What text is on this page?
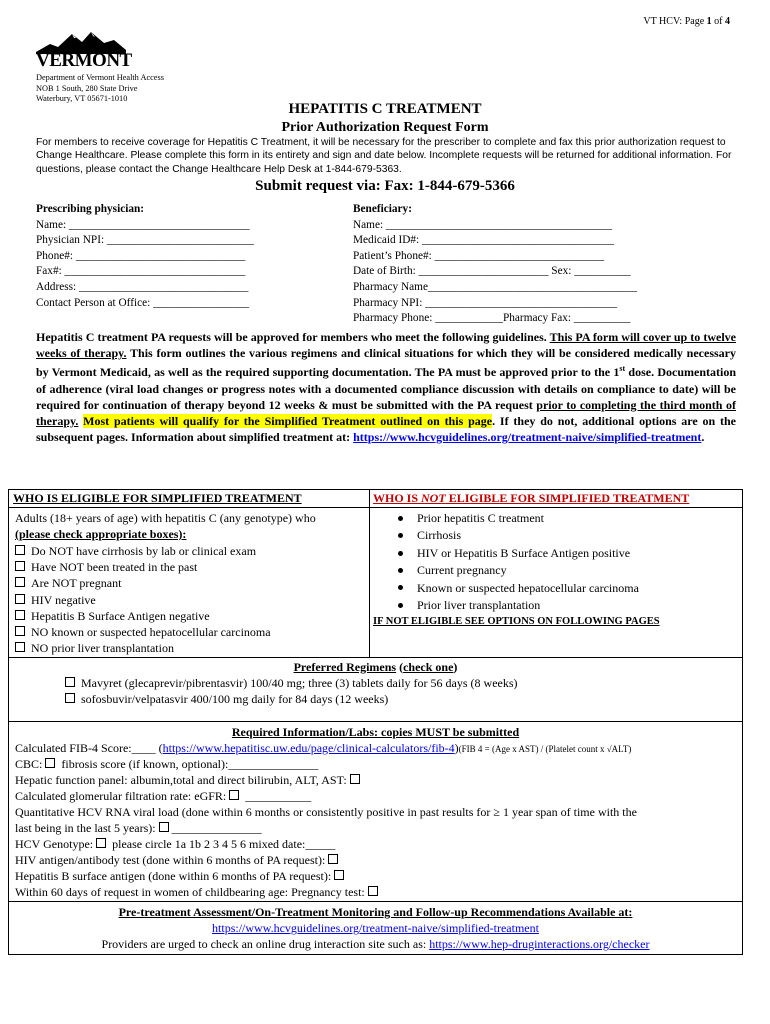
VT HCV: Page 1 of 4
VERMONT
Department of Vermont Health Access
NOB 1 South, 280 State Drive
Waterbury, VT 05671-1010
HEPATITIS C TREATMENT
Prior Authorization Request Form
For members to receive coverage for Hepatitis C Treatment, it will be necessary for the prescriber to complete and fax this prior authorization request to Change Healthcare. Please complete this form in its entirety and sign and date below. Incomplete requests will be returned for additional information. For questions, please contact the Change Healthcare Help Desk at 1-844-679-5363.
Submit request via: Fax: 1-844-679-5366
Prescribing physician:
Name: ________________________________
Physician NPI: __________________________
Phone#: ______________________________
Fax#: ________________________________
Address: ______________________________
Contact Person at Office: _________________
Beneficiary:
Name: ________________________________________
Medicaid ID#: __________________________________
Patient’s Phone#: ______________________________
Date of Birth: _______________________ Sex: __________
Pharmacy Name_____________________________________
Pharmacy NPI: __________________________________
Pharmacy Phone: ____________Pharmacy Fax: __________
Hepatitis C treatment PA requests will be approved for members who meet the following guidelines. This PA form will cover up to twelve weeks of therapy. This form outlines the various regimens and clinical situations for which they will be considered medically necessary by Vermont Medicaid, as well as the required supporting documentation. The PA must be approved prior to the 1st dose. Documentation of adherence (viral load changes or progress notes with a documented compliance discussion with details on compliance to date) will be required for continuation of therapy beyond 12 weeks & must be submitted with the PA request prior to completing the third month of therapy. Most patients will qualify for the Simplified Treatment outlined on this page. If they do not, additional options are on the subsequent pages. Information about simplified treatment at: https://www.hcvguidelines.org/treatment-naive/simplified-treatment.
WHO IS ELIGIBLE FOR SIMPLIFIED TREATMENT	WHO IS NOT ELIGIBLE FOR SIMPLIFIED TREATMENT
Adults (18+ years of age) with hepatitis C (any genotype) who
(please check appropriate boxes):
Do NOT have cirrhosis by lab or clinical exam
Have NOT been treated in the past
Are NOT pregnant
HIV negative
Hepatitis B Surface Antigen negative
NO known or suspected hepatocellular carcinoma
NO prior liver transplantation
Prior hepatitis C treatment
Cirrhosis
HIV or Hepatitis B Surface Antigen positive
Current pregnancy
Known or suspected hepatocellular carcinoma
Prior liver transplantation
IF NOT ELIGIBLE SEE OPTIONS ON FOLLOWING PAGES
Preferred Regimens (check one)
Mavyret (glecaprevir/pibrentasvir) 100/40 mg; three (3) tablets daily for 56 days (8 weeks)
sofosbuvir/velpatasvir 400/100 mg daily for 84 days (12 weeks)
Required Information/Labs: copies MUST be submitted
Calculated FIB-4 Score:____ (https://www.hepatitisc.uw.edu/page/clinical-calculators/fib-4)(FIB 4 = (Age x AST) / (Platelet count x √ALT)
CBC: fibrosis score (if known, optional):_______________
Hepatic function panel: albumin,total and direct bilirubin, ALT, AST:
Calculated glomerular filtration rate: eGFR: ___________
Quantitative HCV RNA viral load (done within 6 months or consistently positive in past results for ≥ 1 year span of time with the
last being in the last 5 years): _______________
HCV Genotype: please circle 1a 1b 2 3 4 5 6 mixed date:_____
HIV antigen/antibody test (done within 6 months of PA request):
Hepatitis B surface antigen (done within 6 months of PA request):
Within 60 days of request in women of childbearing age: Pregnancy test:
Pre-treatment Assessment/On-Treatment Monitoring and Follow-up Recommendations Available at:
https://www.hcvguidelines.org/treatment-naive/simplified-treatment
Providers are urged to check an online drug interaction site such as: https://www.hep-druginteractions.org/checker
